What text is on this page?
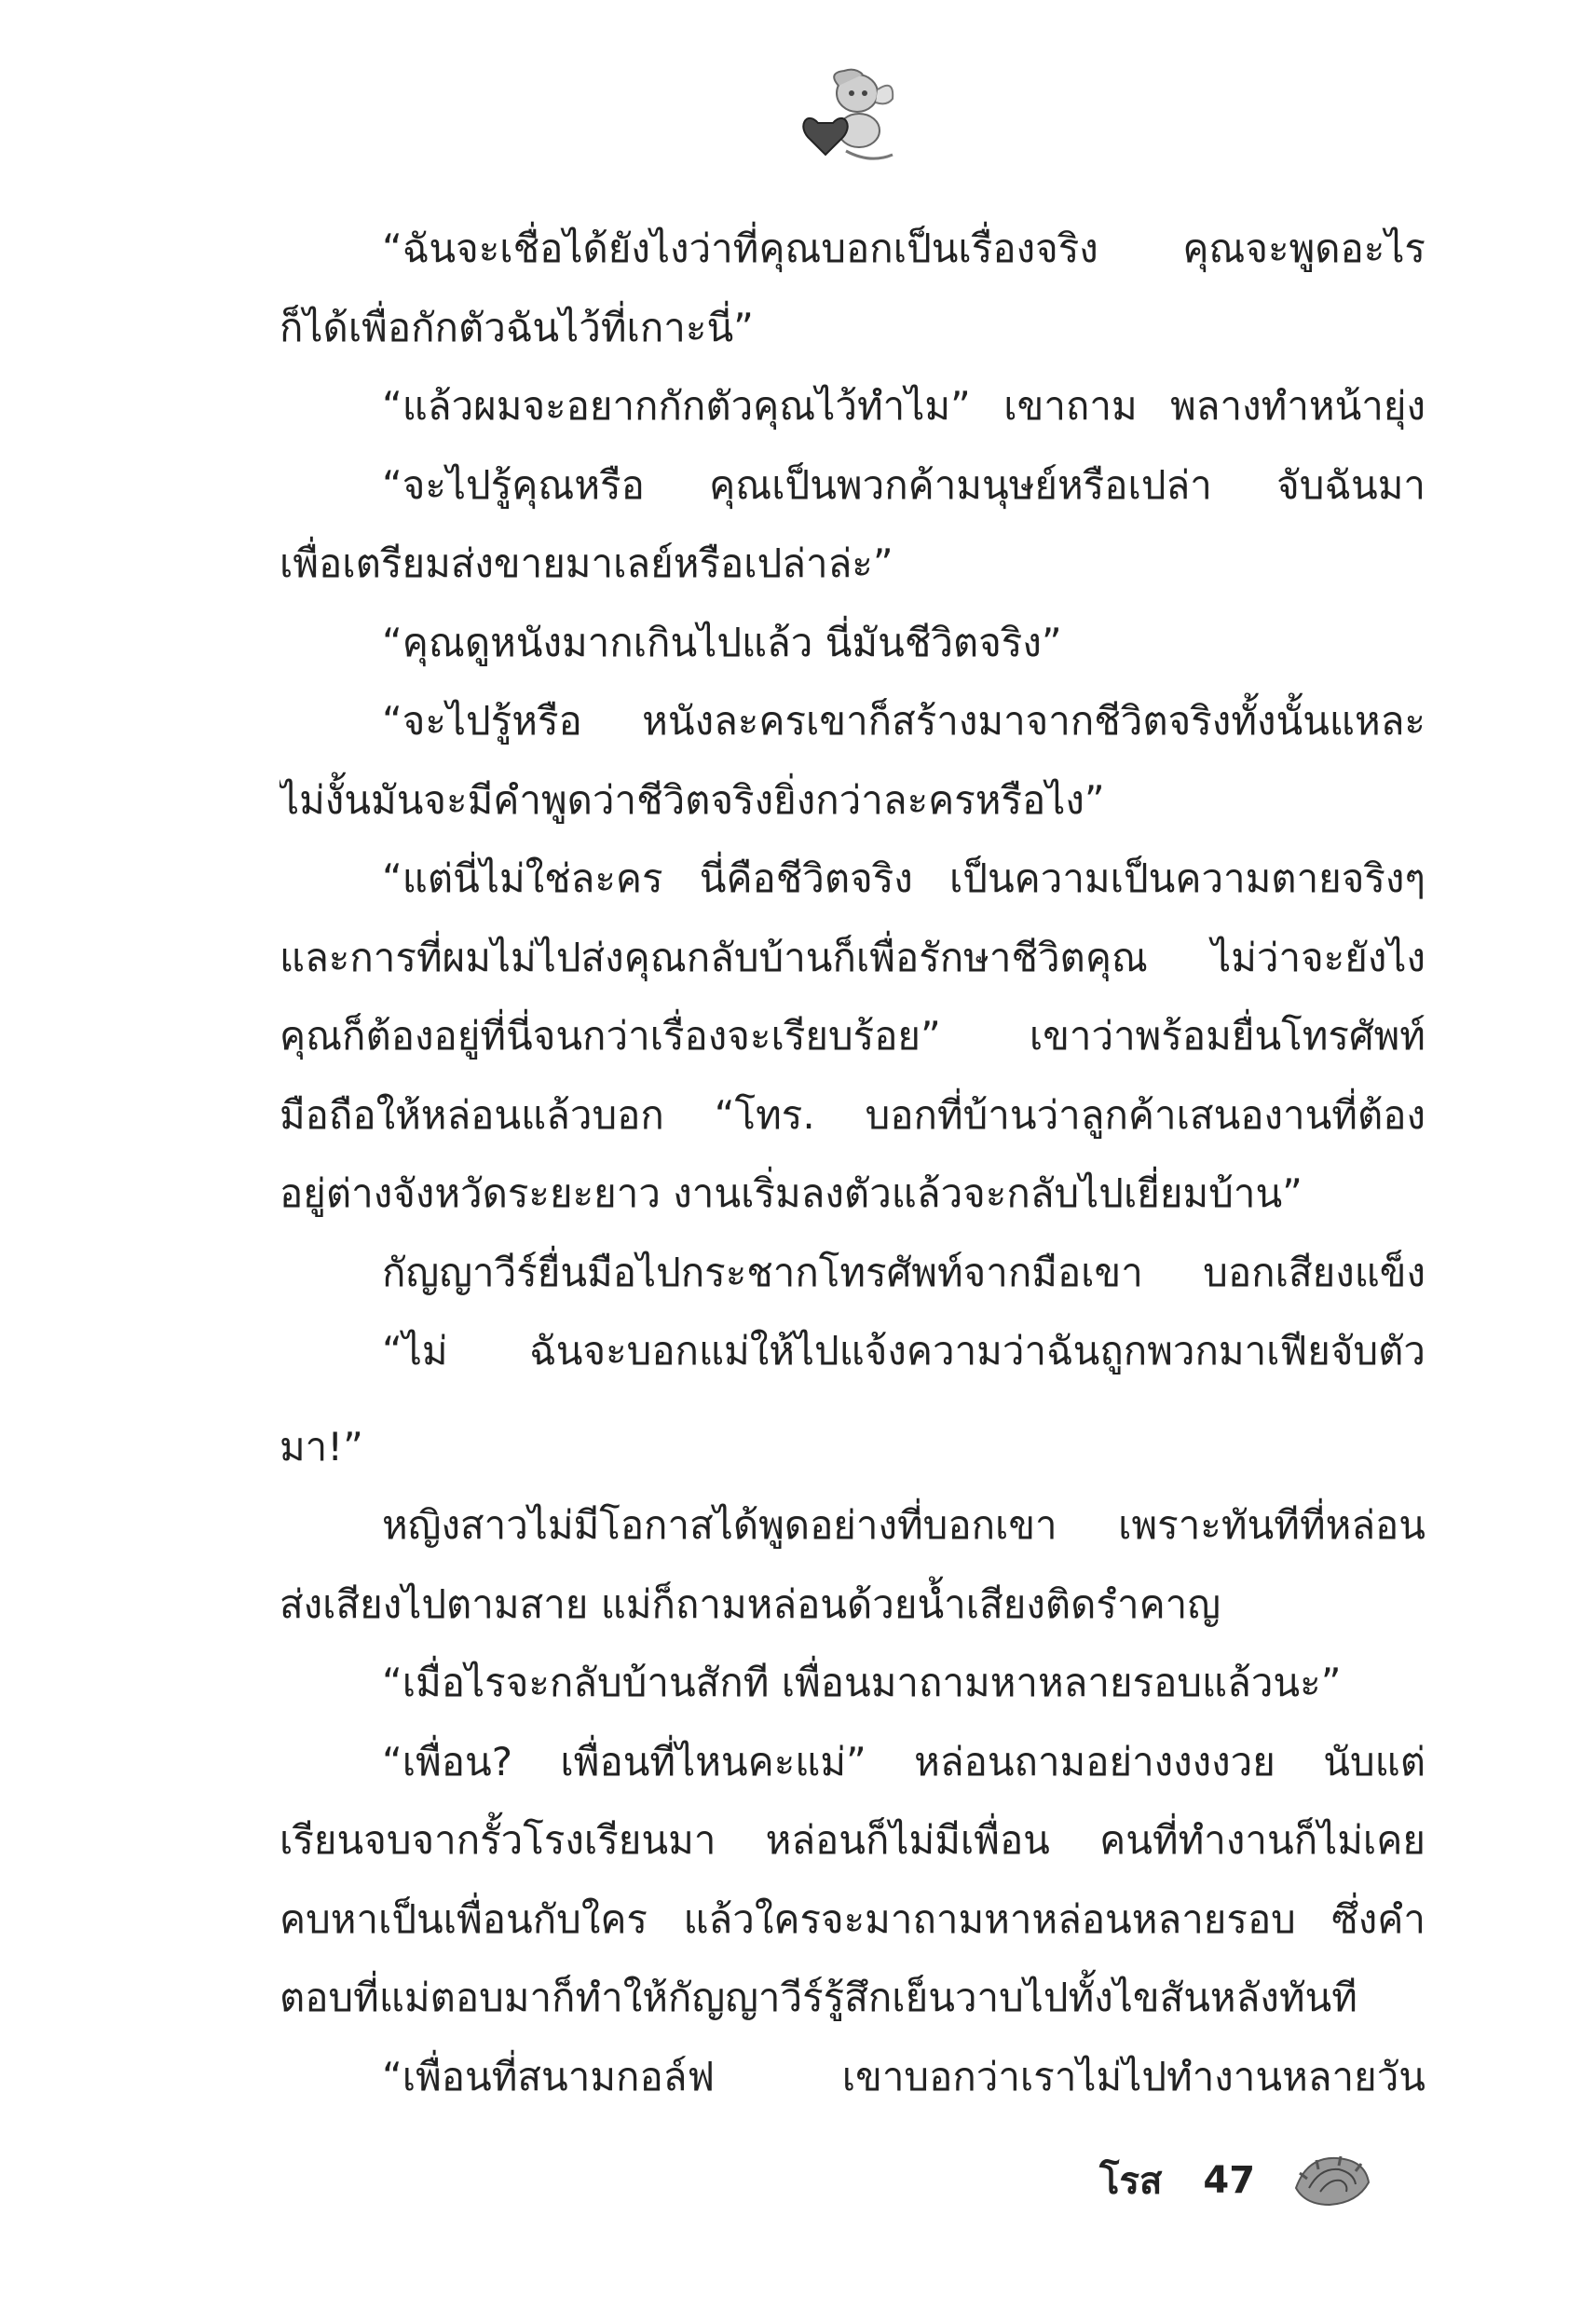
“ฉันจะเชื่อได้ยังไงว่าที่คุณบอกเป็นเรื่องจริง คุณจะพูดอะไร
ก็ได้เพื่อกักตัวฉันไว้ที่เกาะนี่”
“แล้วผมจะอยากกักตัวคุณไว้ทำไม” เขาถาม พลางทำหน้ายุ่ง
“จะไปรู้คุณหรือ คุณเป็นพวกค้ามนุษย์หรือเปล่า จับฉันมา
เพื่อเตรียมส่งขายมาเลย์หรือเปล่าล่ะ”
“คุณดูหนังมากเกินไปแล้ว นี่มันชีวิตจริง”
“จะไปรู้หรือ หนังละครเขาก็สร้างมาจากชีวิตจริงทั้งนั้นแหละ
ไม่งั้นมันจะมีคำพูดว่าชีวิตจริงยิ่งกว่าละครหรือไง”
“แต่นี่ไม่ใช่ละคร นี่คือชีวิตจริง เป็นความเป็นความตายจริงๆ
และการที่ผมไม่ไปส่งคุณกลับบ้านก็เพื่อรักษาชีวิตคุณ ไม่ว่าจะยังไง
คุณก็ต้องอยู่ที่นี่จนกว่าเรื่องจะเรียบร้อย” เขาว่าพร้อมยื่นโทรศัพท์
มือถือให้หล่อนแล้วบอก “โทร. บอกที่บ้านว่าลูกค้าเสนองานที่ต้อง
อยู่ต่างจังหวัดระยะยาว งานเริ่มลงตัวแล้วจะกลับไปเยี่ยมบ้าน”
กัญญาวีร์ยื่นมือไปกระชากโทรศัพท์จากมือเขา บอกเสียงแข็ง
“ไม่ ฉันจะบอกแม่ให้ไปแจ้งความว่าฉันถูกพวกมาเฟียจับตัว
มา!”
หญิงสาวไม่มีโอกาสได้พูดอย่างที่บอกเขา เพราะทันทีที่หล่อน
ส่งเสียงไปตามสาย แม่ก็ถามหล่อนด้วยน้ำเสียงติดรำคาญ
“เมื่อไรจะกลับบ้านสักที เพื่อนมาถามหาหลายรอบแล้วนะ”
“เพื่อน? เพื่อนที่ไหนคะแม่” หล่อนถามอย่างงงงวย นับแต่
เรียนจบจากรั้วโรงเรียนมา หล่อนก็ไม่มีเพื่อน คนที่ทำงานก็ไม่เคย
คบหาเป็นเพื่อนกับใคร แล้วใครจะมาถามหาหล่อนหลายรอบ ซึ่งคำ
ตอบที่แม่ตอบมาก็ทำให้กัญญาวีร์รู้สึกเย็นวาบไปทั้งไขสันหลังทันที
“เพื่อนที่สนามกอล์ฟ เขาบอกว่าเราไม่ไปทำงานหลายวัน
โรส 47
